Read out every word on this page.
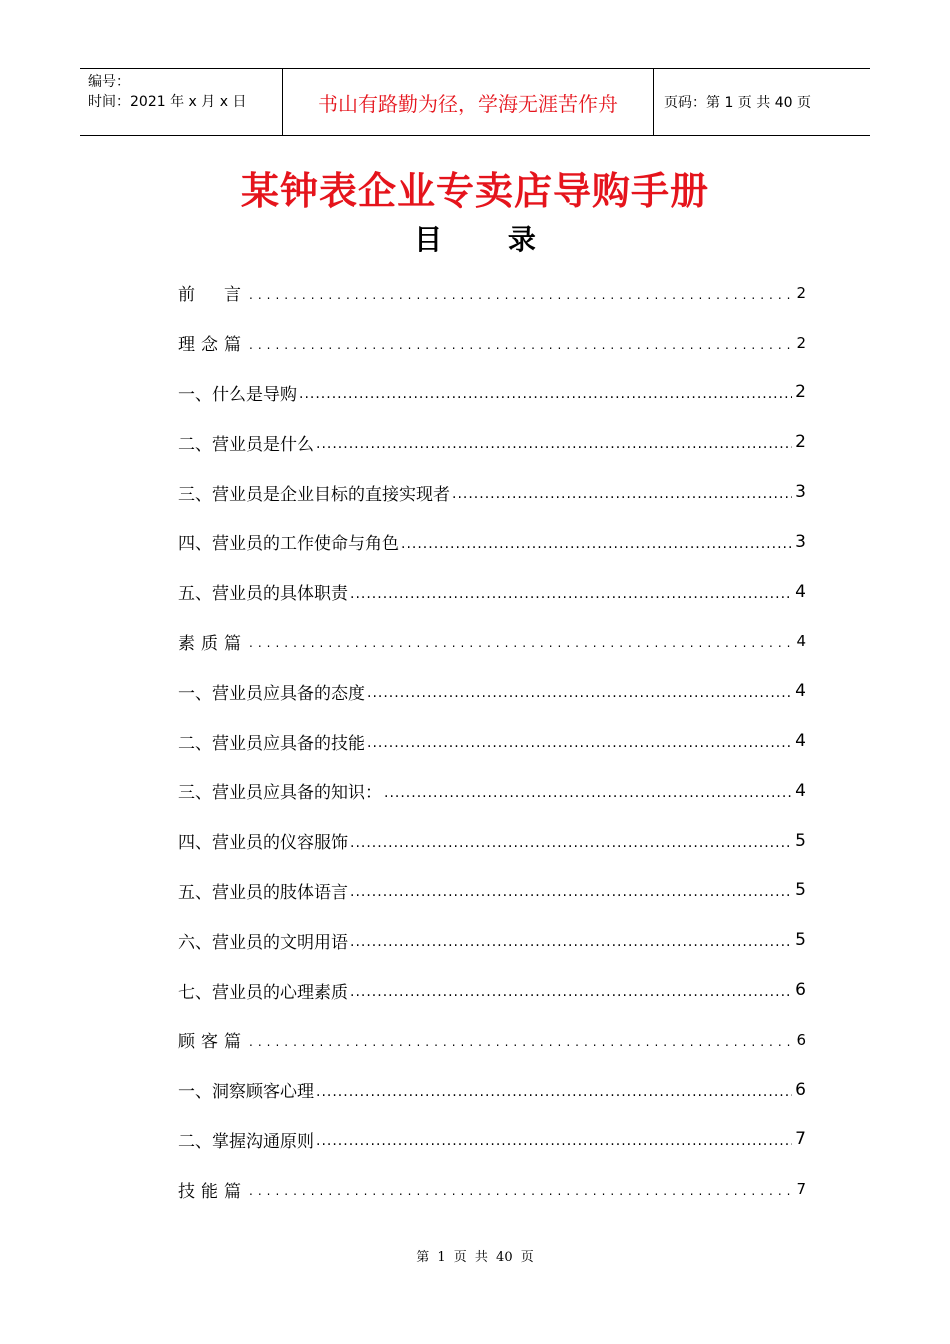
编号：
时间：2021 年 x 月 x 日	书山有路勤为径，学海无涯苦作舟	页码：第 1 页 共 40 页
某钟表企业专卖店导购手册
目 录
前　言 .....	2
理念篇 .....	2
一、什么是导购 .....	2
二、营业员是什么 .....	2
三、营业员是企业目标的直接实现者 .....	3
四、营业员的工作使命与角色 .....	3
五、营业员的具体职责 .....	4
素质篇 .....	4
一、营业员应具备的态度 .....	4
二、营业员应具备的技能 .....	4
三、营业员应具备的知识： .....	4
四、营业员的仪容服饰 .....	5
五、营业员的肢体语言 .....	5
六、营业员的文明用语 .....	5
七、营业员的心理素质 .....	6
顾客篇 .....	6
一、洞察顾客心理 .....	6
二、掌握沟通原则 .....	7
技能篇 .....	7
第 1 页 共 40 页
